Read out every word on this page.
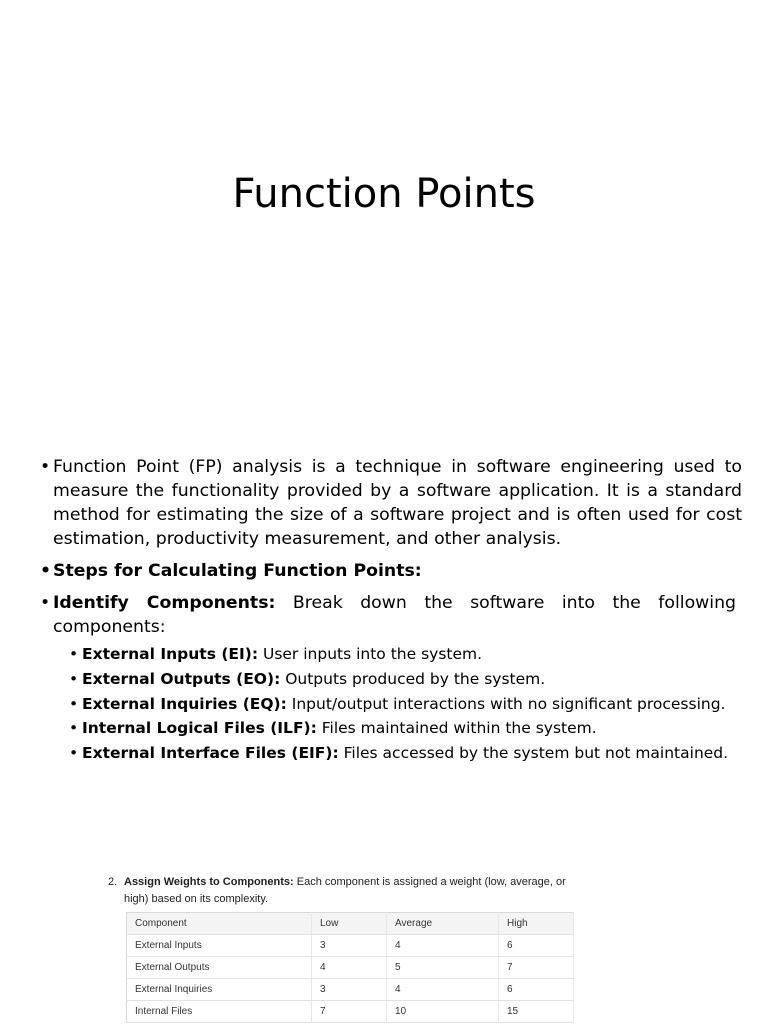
Function Points

• Function Point (FP) analysis is a technique in software engineering used to measure the functionality provided by a software application. It is a standard method for estimating the size of a software project and is often used for cost estimation, productivity measurement, and other analysis.

• Steps for Calculating Function Points:

• Identify Components: Break down the software into the following components:
• External Inputs (EI): User inputs into the system.
• External Outputs (EO): Outputs produced by the system.
• External Inquiries (EQ): Input/output interactions with no significant processing.
• Internal Logical Files (ILF): Files maintained within the system.
• External Interface Files (EIF): Files accessed by the system but not maintained.
2. Assign Weights to Components: Each component is assigned a weight (low, average, or high) based on its complexity.
Component	Low	Average	High
External Inputs	3	4	6
External Outputs	4	5	7
External Inquiries	3	4	6
Internal Files	7	10	15
